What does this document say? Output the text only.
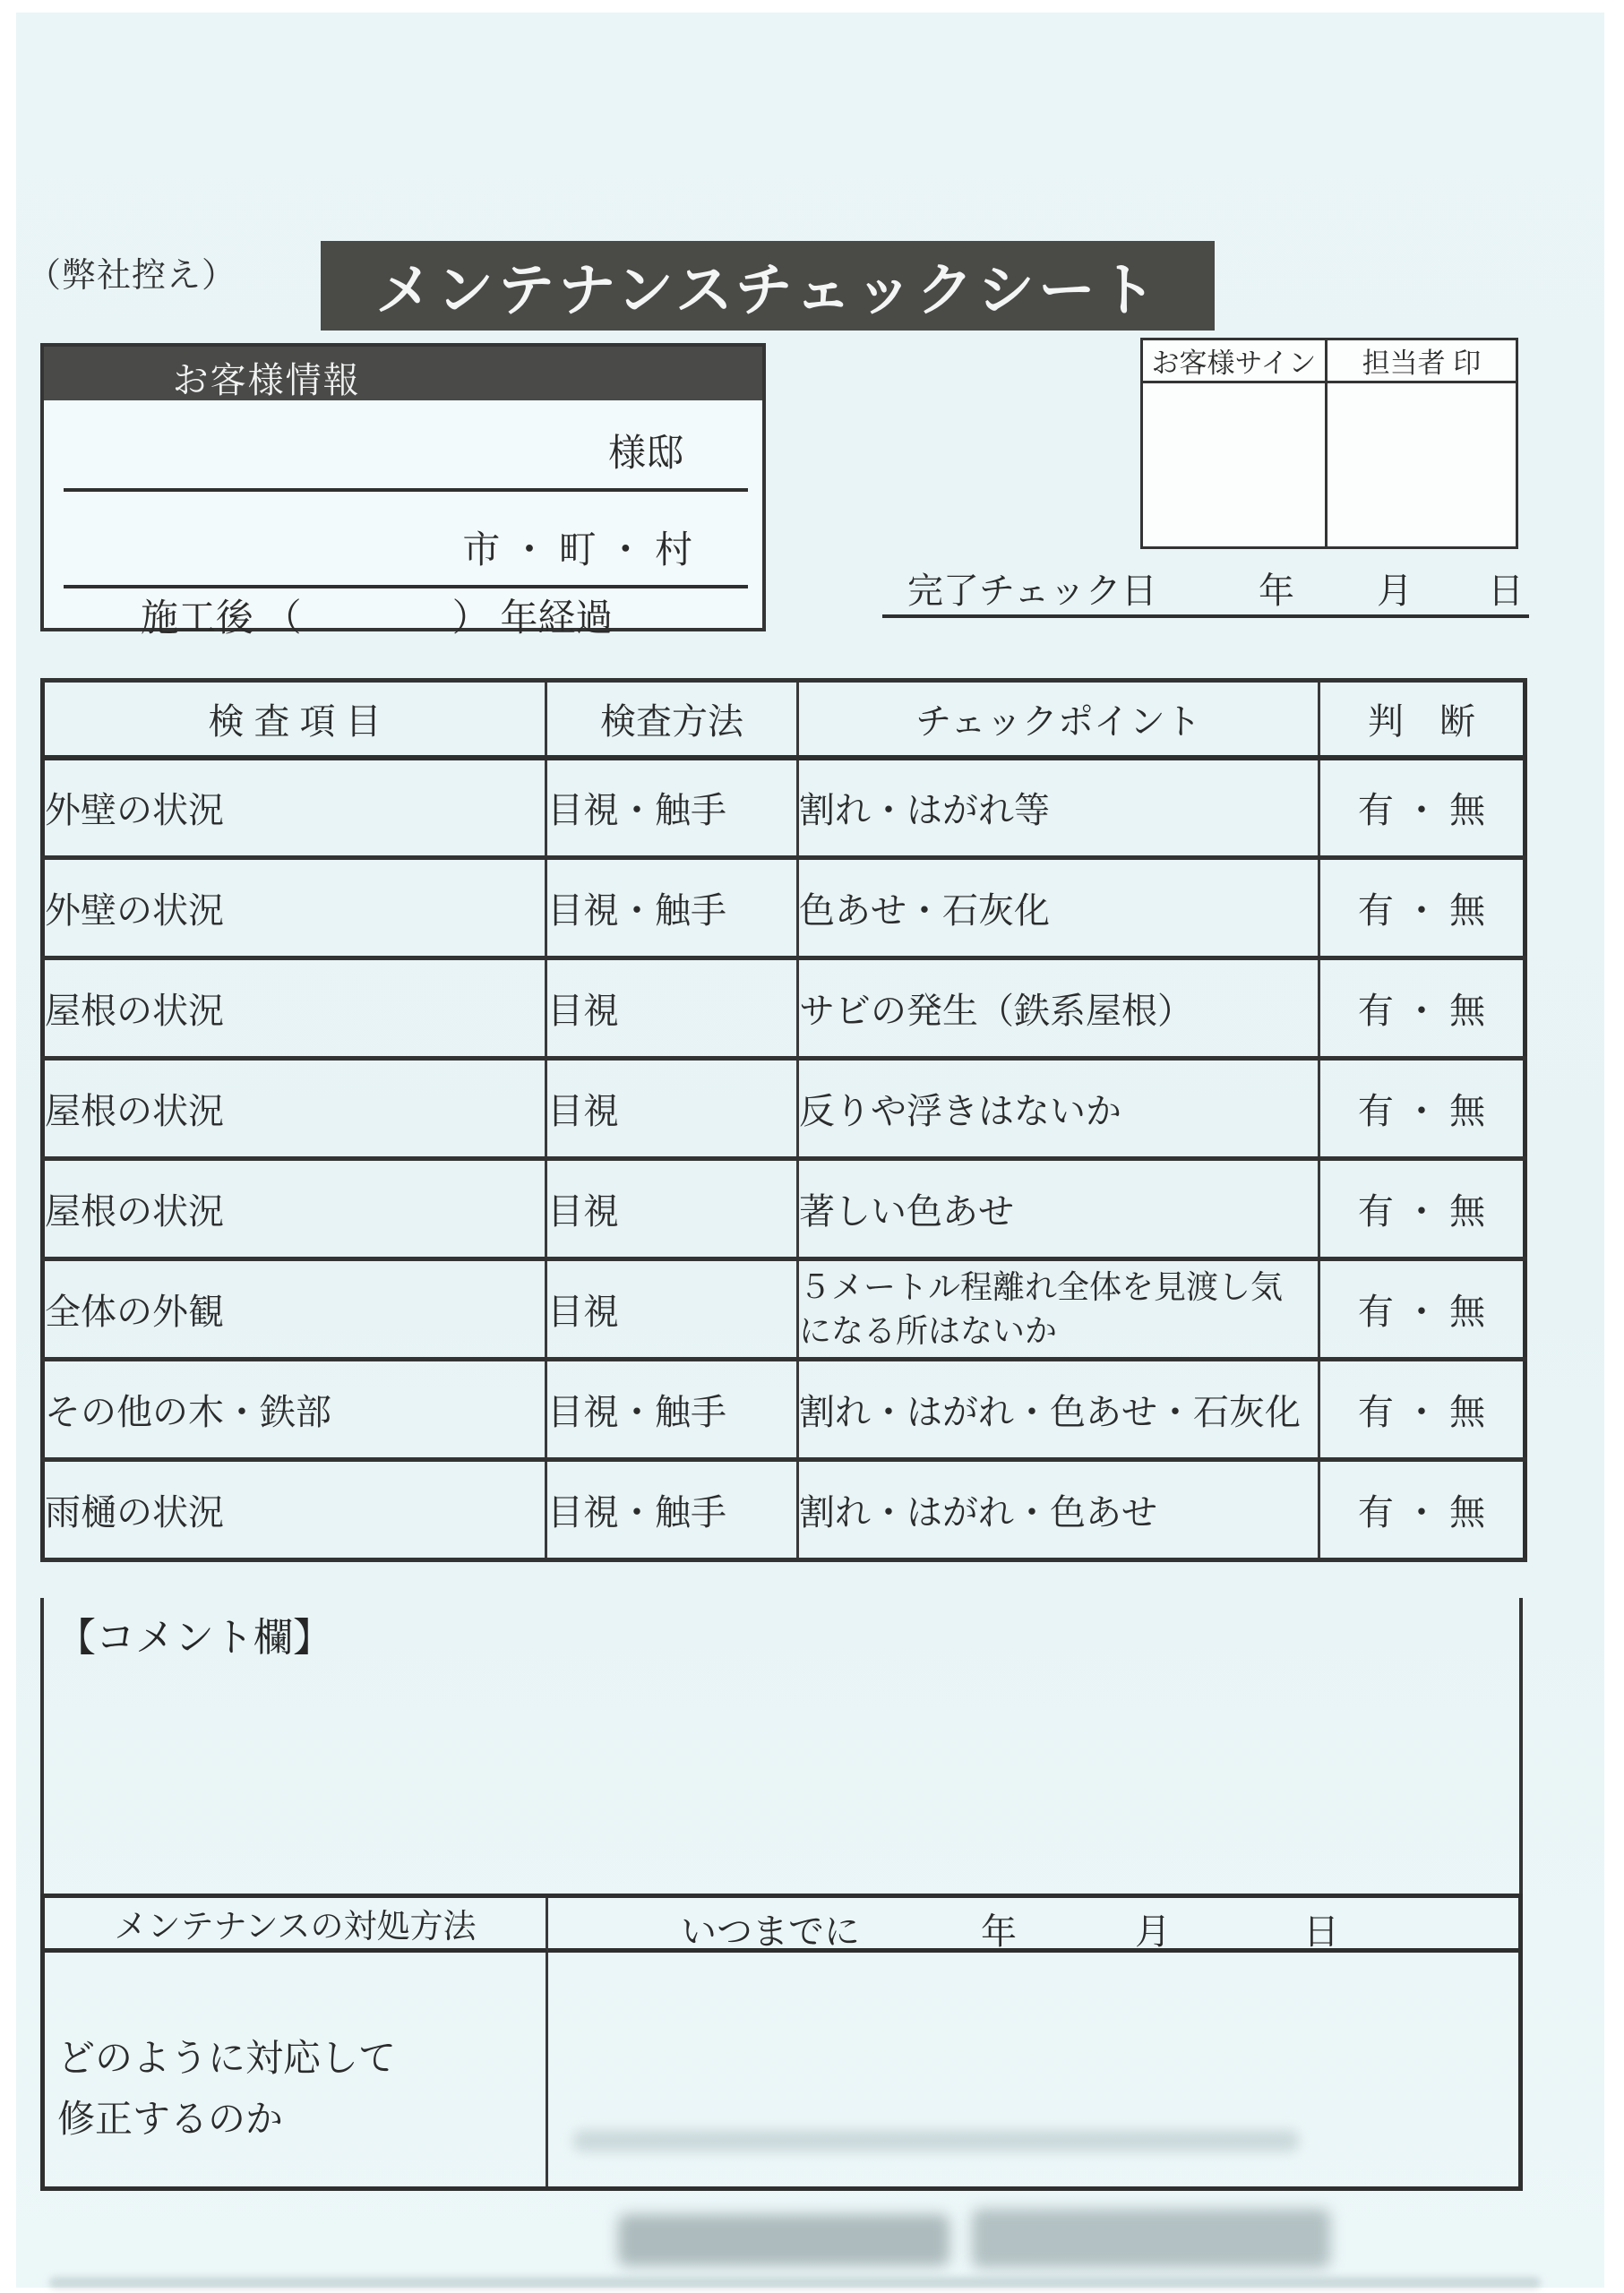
（弊社控え） メンテナンスチェックシート
お客様情報
様邸
市 ・ 町 ・ 村
施工後 （　　　　） 年経過
お客様サイン	担当者 印
完了チェック日	年 月 日
検 査 項 目	検査方法	チェックポイント	判　断
外壁の状況	目視・触手	割れ・はがれ等	有 ・ 無
外壁の状況	目視・触手	色あせ・石灰化	有 ・ 無
屋根の状況	目視	サビの発生（鉄系屋根）	有 ・ 無
屋根の状況	目視	反りや浮きはないか	有 ・ 無
屋根の状況	目視	著しい色あせ	有 ・ 無
全体の外観	目視	５メートル程離れ全体を見渡し気になる所はないか	有 ・ 無
その他の木・鉄部	目視・触手	割れ・はがれ・色あせ・石灰化	有 ・ 無
雨樋の状況	目視・触手	割れ・はがれ・色あせ	有 ・ 無
【コメント欄】
メンテナンスの対処方法	いつまでに	年	月	日
どのように対応して
修正するのか
